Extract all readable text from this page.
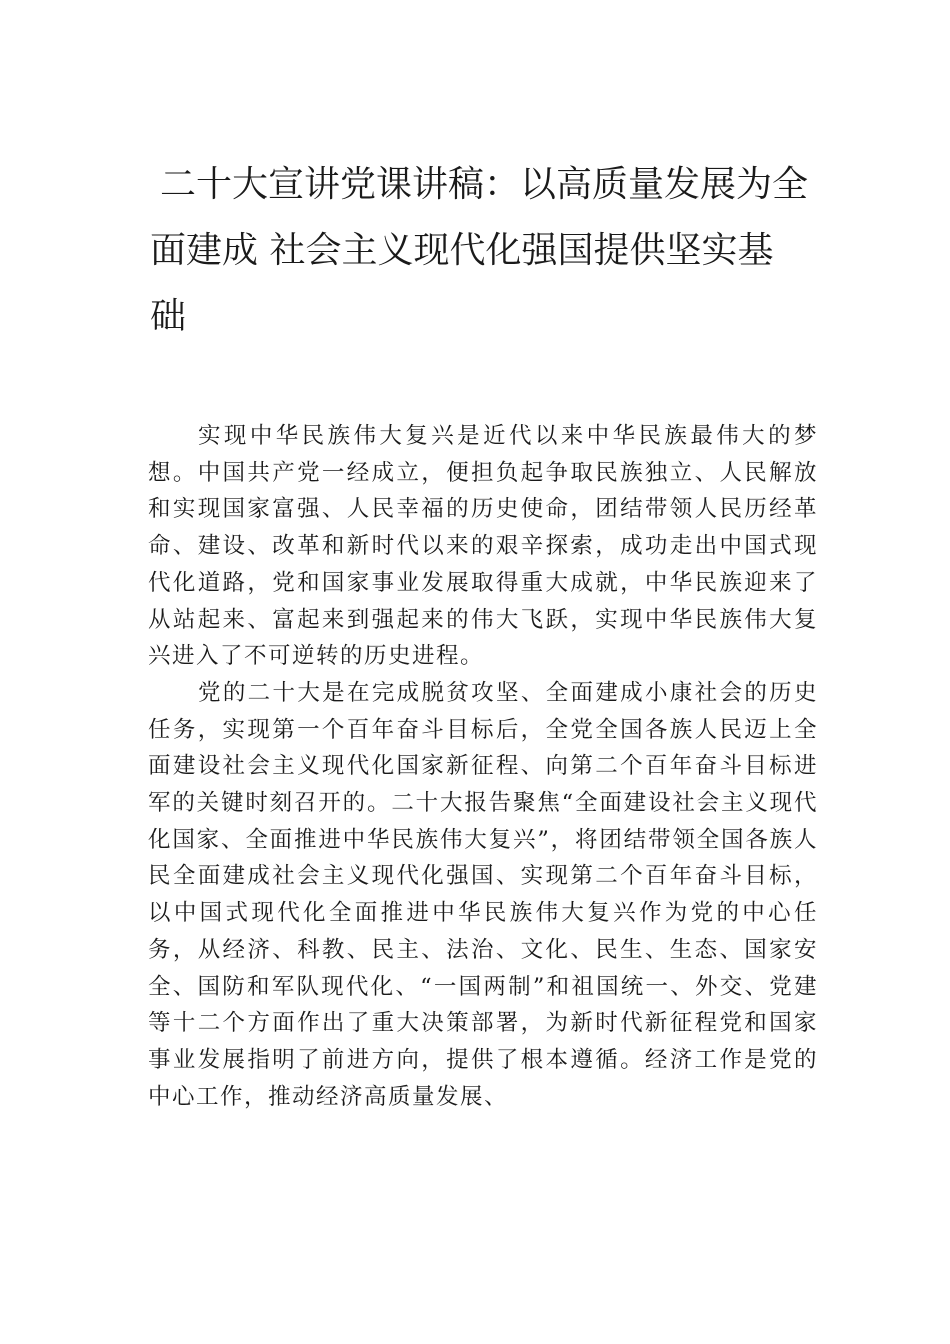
二十大宣讲党课讲稿：以高质量发展为全
面建成 社会主义现代化强国提供坚实基
础

实现中华民族伟大复兴是近代以来中华民族最伟大的梦想。中国共产党一经成立，便担负起争取民族独立、人民解放和实现国家富强、人民幸福的历史使命，团结带领人民历经革命、建设、改革和新时代以来的艰辛探索，成功走出中国式现代化道路，党和国家事业发展取得重大成就，中华民族迎来了从站起来、富起来到强起来的伟大飞跃，实现中华民族伟大复兴进入了不可逆转的历史进程。

党的二十大是在完成脱贫攻坚、全面建成小康社会的历史任务，实现第一个百年奋斗目标后，全党全国各族人民迈上全面建设社会主义现代化国家新征程、向第二个百年奋斗目标进军的关键时刻召开的。二十大报告聚焦“全面建设社会主义现代化国家、全面推进中华民族伟大复兴”，将团结带领全国各族人民全面建成社会主义现代化强国、实现第二个百年奋斗目标，以中国式现代化全面推进中华民族伟大复兴作为党的中心任务，从经济、科教、民主、法治、文化、民生、生态、国家安全、国防和军队现代化、“一国两制”和祖国统一、外交、党建等十二个方面作出了重大决策部署，为新时代新征程党和国家事业发展指明了前进方向，提供了根本遵循。经济工作是党的中心工作，推动经济高质量发展、
